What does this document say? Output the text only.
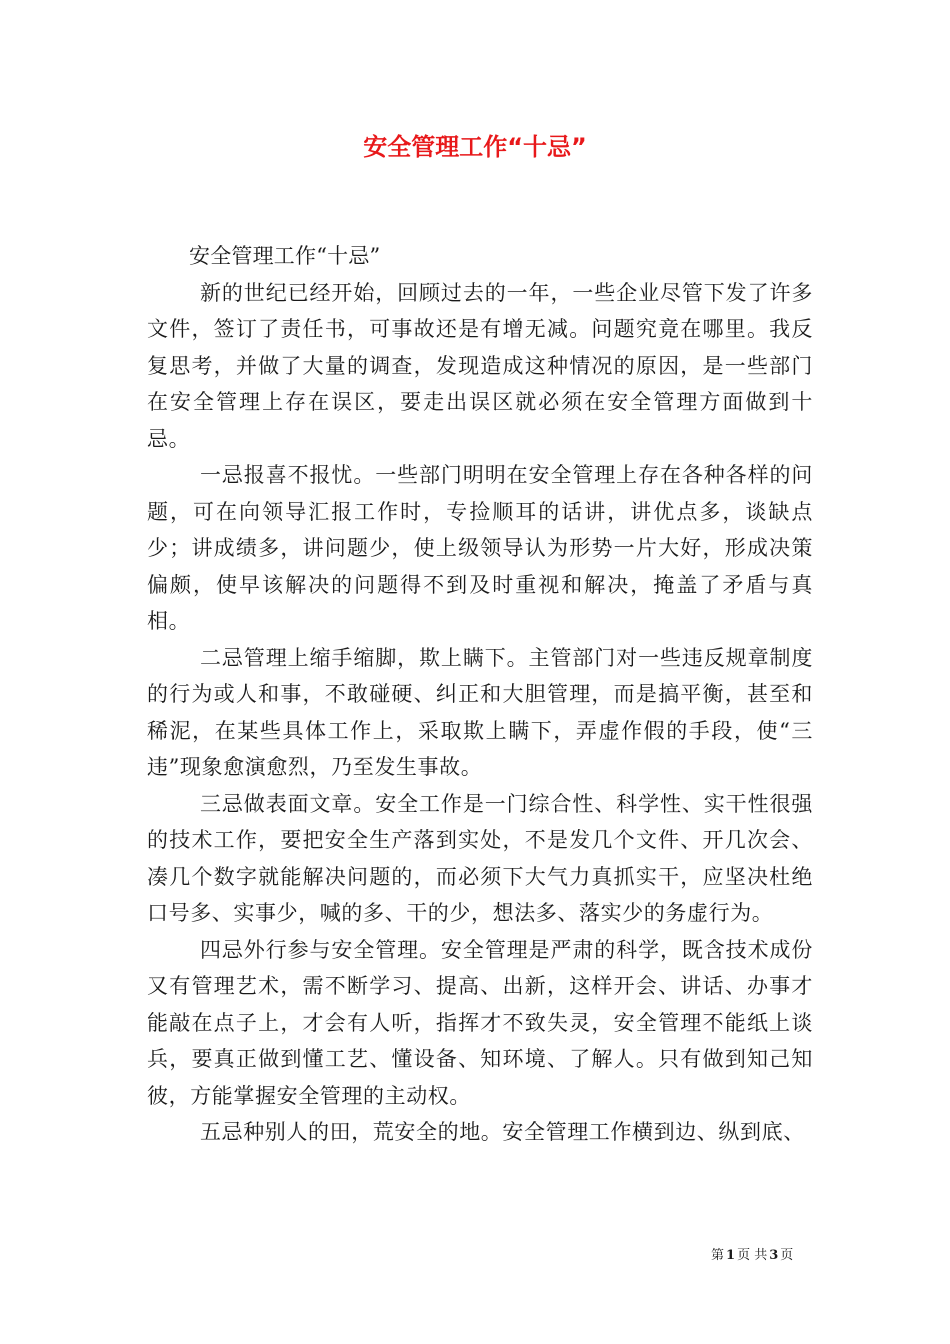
安全管理工作“十忌”

安全管理工作“十忌”

新的世纪已经开始，回顾过去的一年，一些企业尽管下发了许多文件，签订了责任书，可事故还是有增无减。问题究竟在哪里。我反复思考，并做了大量的调查，发现造成这种情况的原因，是一些部门在安全管理上存在误区，要走出误区就必须在安全管理方面做到十忌。

一忌报喜不报忧。一些部门明明在安全管理上存在各种各样的问题，可在向领导汇报工作时，专捡顺耳的话讲，讲优点多，谈缺点少；讲成绩多，讲问题少，使上级领导认为形势一片大好，形成决策偏颇，使早该解决的问题得不到及时重视和解决，掩盖了矛盾与真相。

二忌管理上缩手缩脚，欺上瞒下。主管部门对一些违反规章制度的行为或人和事，不敢碰硬、纠正和大胆管理，而是搞平衡，甚至和稀泥，在某些具体工作上，采取欺上瞒下，弄虚作假的手段，使“三违”现象愈演愈烈，乃至发生事故。

三忌做表面文章。安全工作是一门综合性、科学性、实干性很强的技术工作，要把安全生产落到实处，不是发几个文件、开几次会、凑几个数字就能解决问题的，而必须下大气力真抓实干，应坚决杜绝口号多、实事少，喊的多、干的少，想法多、落实少的务虚行为。

四忌外行参与安全管理。安全管理是严肃的科学，既含技术成份又有管理艺术，需不断学习、提高、出新，这样开会、讲话、办事才能敲在点子上，才会有人听，指挥才不致失灵，安全管理不能纸上谈兵，要真正做到懂工艺、懂设备、知环境、了解人。只有做到知己知彼，方能掌握安全管理的主动权。

五忌种别人的田，荒安全的地。安全管理工作横到边、纵到底、

第 1 页 共 3 页
